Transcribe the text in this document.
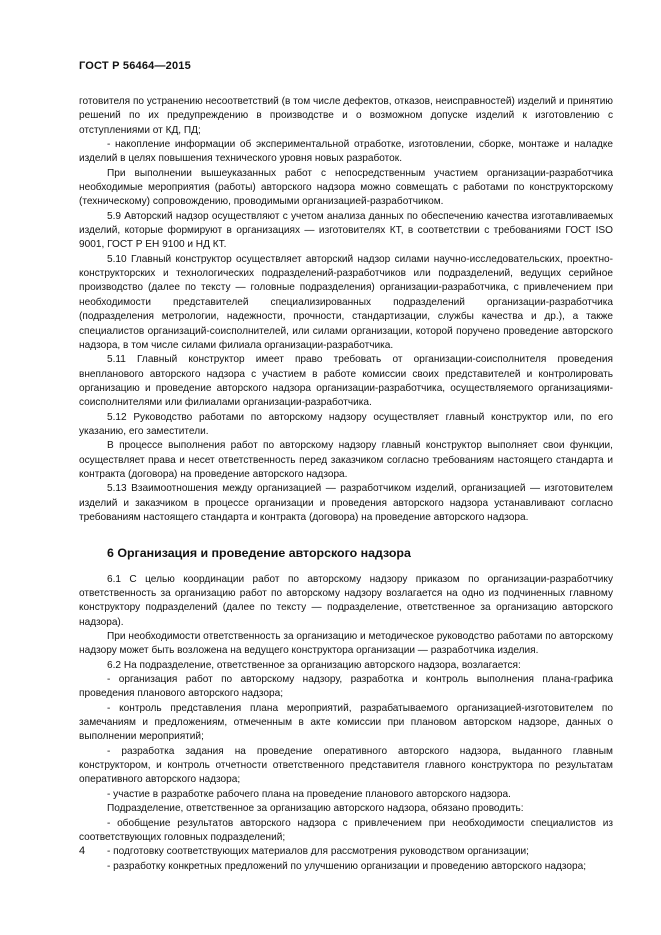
ГОСТ Р 56464—2015

готовителя по устранению несоответствий (в том числе дефектов, отказов, неисправностей) изделий и принятию решений по их предупреждению в производстве и о возможном допуске изделий к изготовлению с отступлениями от КД, ПД;

- накопление информации об экспериментальной отработке, изготовлении, сборке, монтаже и наладке изделий в целях повышения технического уровня новых разработок.

При выполнении вышеуказанных работ с непосредственным участием организации-разработчика необходимые мероприятия (работы) авторского надзора можно совмещать с работами по конструкторскому (техническому) сопровождению, проводимыми организацией-разработчиком.

5.9 Авторский надзор осуществляют с учетом анализа данных по обеспечению качества изготавливаемых изделий, которые формируют в организациях — изготовителях КТ, в соответствии с требованиями ГОСТ ISO 9001, ГОСТ Р ЕН 9100 и НД КТ.

5.10 Главный конструктор осуществляет авторский надзор силами научно-исследовательских, проектно-конструкторских и технологических подразделений-разработчиков или подразделений, ведущих серийное производство (далее по тексту — головные подразделения) организации-разработчика, с привлечением при необходимости представителей специализированных подразделений организации-разработчика (подразделения метрологии, надежности, прочности, стандартизации, службы качества и др.), а также специалистов организаций-соисполнителей, или силами организации, которой поручено проведение авторского надзора, в том числе силами филиала организации-разработчика.

5.11 Главный конструктор имеет право требовать от организации-соисполнителя проведения внепланового авторского надзора с участием в работе комиссии своих представителей и контролировать организацию и проведение авторского надзора организации-разработчика, осуществляемого организациями-соисполнителями или филиалами организации-разработчика.

5.12 Руководство работами по авторскому надзору осуществляет главный конструктор или, по его указанию, его заместители.

В процессе выполнения работ по авторскому надзору главный конструктор выполняет свои функции, осуществляет права и несет ответственность перед заказчиком согласно требованиям настоящего стандарта и контракта (договора) на проведение авторского надзора.

5.13 Взаимоотношения между организацией — разработчиком изделий, организацией — изготовителем изделий и заказчиком в процессе организации и проведения авторского надзора устанавливают согласно требованиям настоящего стандарта и контракта (договора) на проведение авторского надзора.

6 Организация и проведение авторского надзора

6.1 С целью координации работ по авторскому надзору приказом по организации-разработчику ответственность за организацию работ по авторскому надзору возлагается на одно из подчиненных главному конструктору подразделений (далее по тексту — подразделение, ответственное за организацию авторского надзора).

При необходимости ответственность за организацию и методическое руководство работами по авторскому надзору может быть возложена на ведущего конструктора организации — разработчика изделия.

6.2 На подразделение, ответственное за организацию авторского надзора, возлагается:

- организация работ по авторскому надзору, разработка и контроль выполнения плана-графика проведения планового авторского надзора;

- контроль представления плана мероприятий, разрабатываемого организацией-изготовителем по замечаниям и предложениям, отмеченным в акте комиссии при плановом авторском надзоре, данных о выполнении мероприятий;

- разработка задания на проведение оперативного авторского надзора, выданного главным конструктором, и контроль отчетности ответственного представителя главного конструктора по результатам оперативного авторского надзора;

- участие в разработке рабочего плана на проведение планового авторского надзора.

Подразделение, ответственное за организацию авторского надзора, обязано проводить:

- обобщение результатов авторского надзора с привлечением при необходимости специалистов из соответствующих головных подразделений;

- подготовку соответствующих материалов для рассмотрения руководством организации;

- разработку конкретных предложений по улучшению организации и проведению авторского надзора;

4
